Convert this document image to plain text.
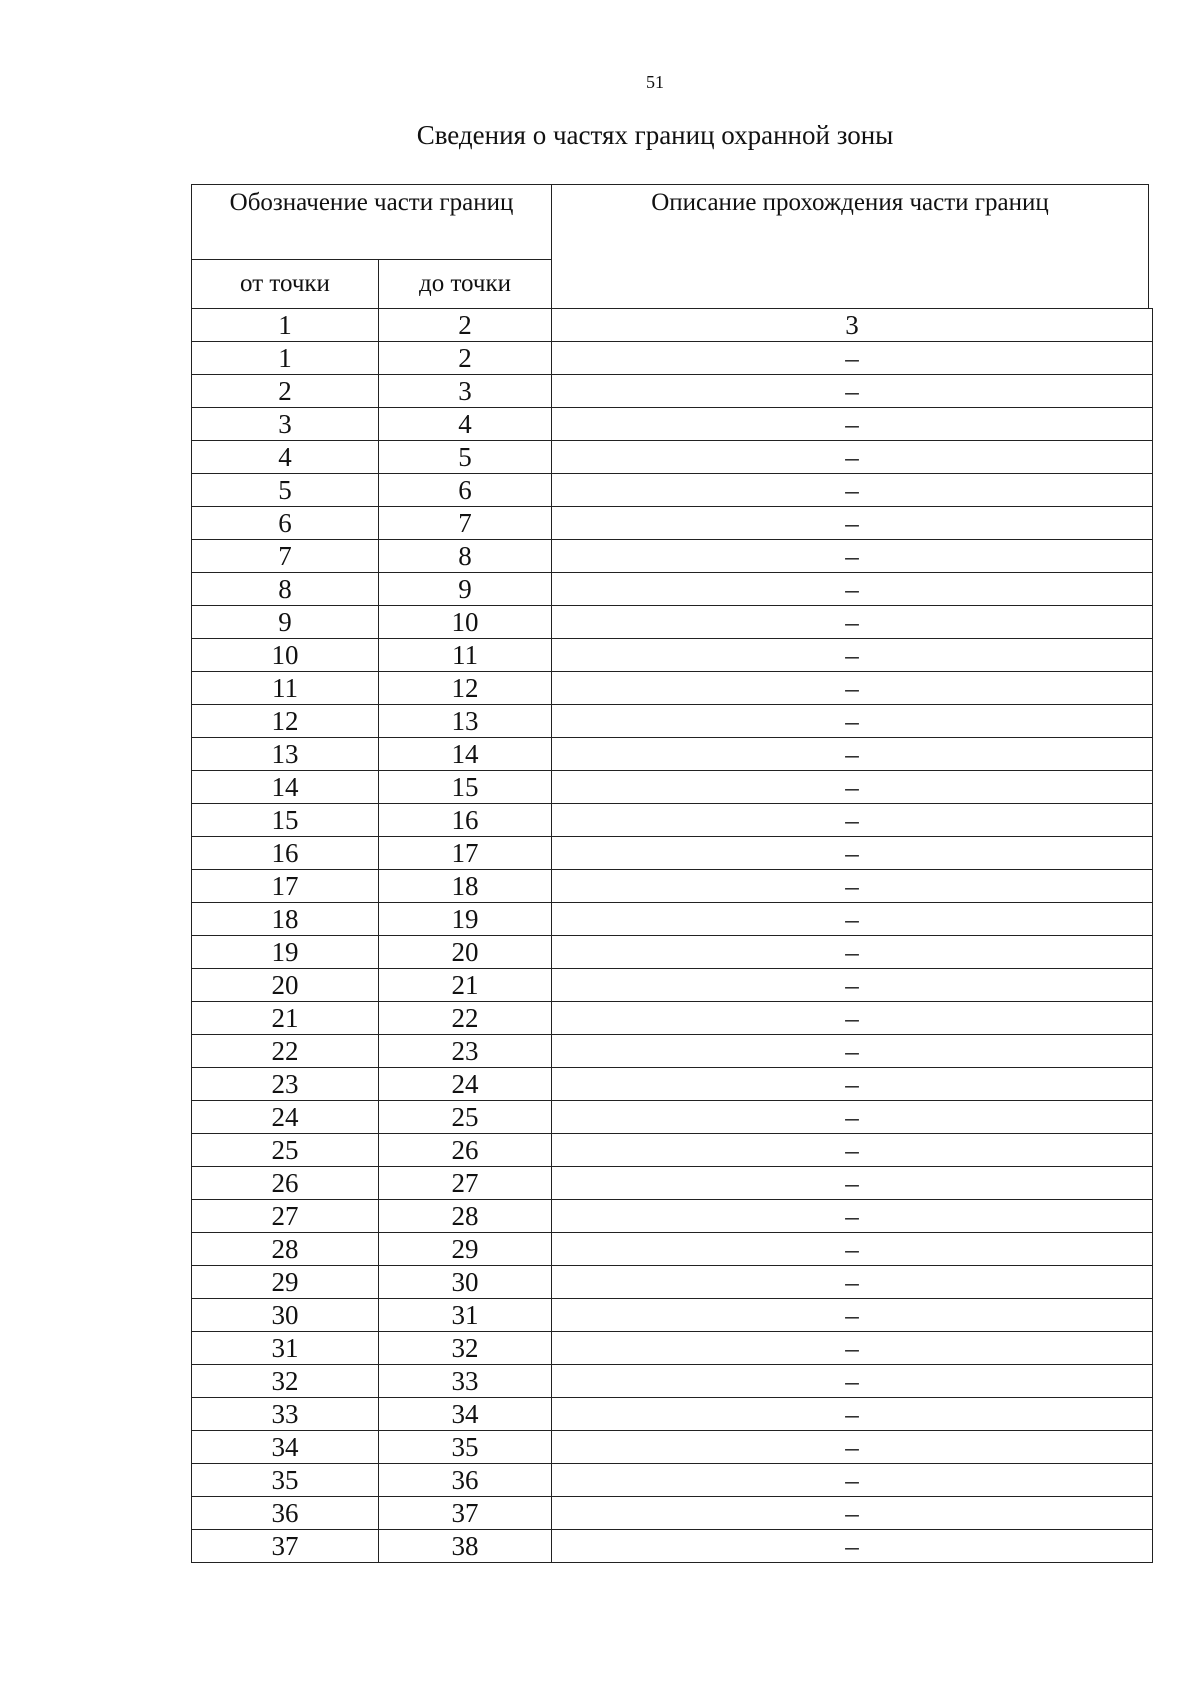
51
Сведения о частях границ охранной зоны
Обозначение части границ		Описание прохождения части границ
от точки	до точки	
1	2	3
1	2	–
2	3	–
3	4	–
4	5	–
5	6	–
6	7	–
7	8	–
8	9	–
9	10	–
10	11	–
11	12	–
12	13	–
13	14	–
14	15	–
15	16	–
16	17	–
17	18	–
18	19	–
19	20	–
20	21	–
21	22	–
22	23	–
23	24	–
24	25	–
25	26	–
26	27	–
27	28	–
28	29	–
29	30	–
30	31	–
31	32	–
32	33	–
33	34	–
34	35	–
35	36	–
36	37	–
37	38	–
